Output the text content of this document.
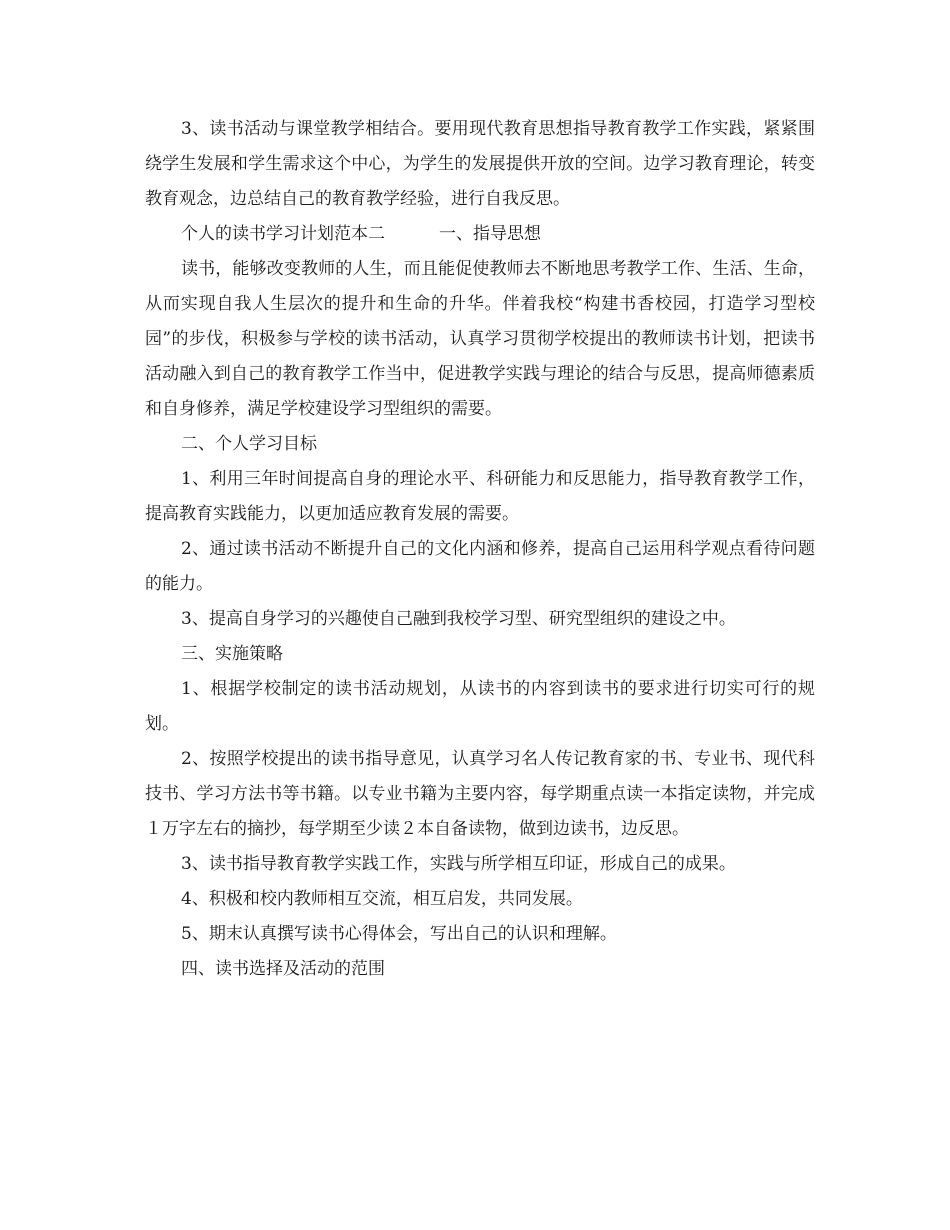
3、读书活动与课堂教学相结合。要用现代教育思想指导教育教学工作实践，紧紧围绕学生发展和学生需求这个中心，为学生的发展提供开放的空间。边学习教育理论，转变教育观念，边总结自己的教育教学经验，进行自我反思。

个人的读书学习计划范本二	一、指导思想

读书，能够改变教师的人生，而且能促使教师去不断地思考教学工作、生活、生命，从而实现自我人生层次的提升和生命的升华。伴着我校“构建书香校园，打造学习型校园”的步伐，积极参与学校的读书活动，认真学习贯彻学校提出的教师读书计划，把读书活动融入到自己的教育教学工作当中，促进教学实践与理论的结合与反思，提高师德素质和自身修养，满足学校建设学习型组织的需要。

二、个人学习目标

1、利用三年时间提高自身的理论水平、科研能力和反思能力，指导教育教学工作，提高教育实践能力，以更加适应教育发展的需要。

2、通过读书活动不断提升自己的文化内涵和修养，提高自己运用科学观点看待问题的能力。

3、提高自身学习的兴趣使自己融到我校学习型、研究型组织的建设之中。

三、实施策略

1、根据学校制定的读书活动规划，从读书的内容到读书的要求进行切实可行的规划。

2、按照学校提出的读书指导意见，认真学习名人传记教育家的书、专业书、现代科技书、学习方法书等书籍。以专业书籍为主要内容，每学期重点读一本指定读物，并完成１万字左右的摘抄，每学期至少读２本自备读物，做到边读书，边反思。

3、读书指导教育教学实践工作，实践与所学相互印证，形成自己的成果。

4、积极和校内教师相互交流，相互启发，共同发展。

5、期末认真撰写读书心得体会，写出自己的认识和理解。

四、读书选择及活动的范围
